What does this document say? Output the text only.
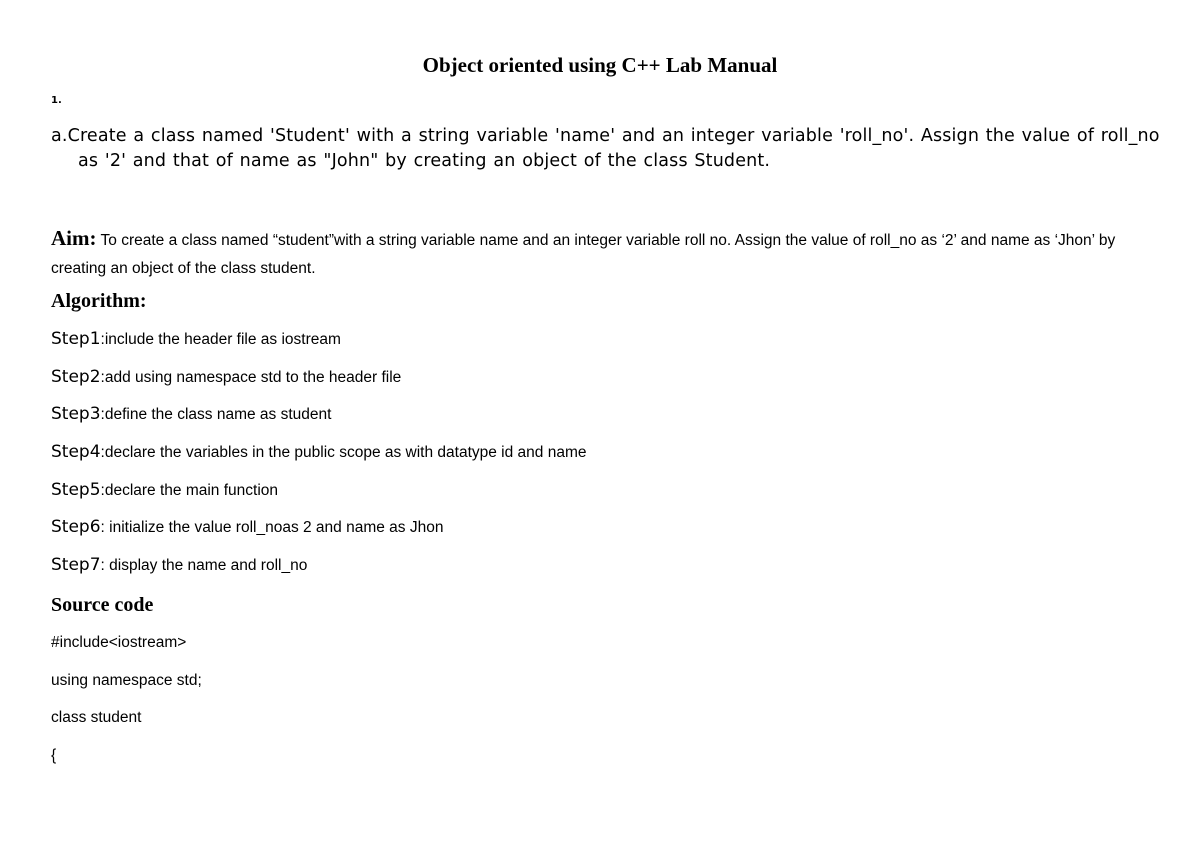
Object oriented using C++ Lab Manual
1.
a.Create a class named 'Student' with a string variable 'name' and an integer variable 'roll_no'. Assign the value of roll_no as '2' and that of name as "John" by creating an object of the class Student.
Aim: To create a class named “student”with a string variable name and an integer variable roll no. Assign the value of roll_no as ‘2’ and name as ‘Jhon’ by creating an object of the class student.
Algorithm:
Step1:include the header file as iostream
Step2:add using namespace std to the header file
Step3:define the class name as student
Step4:declare the variables in the public scope as with datatype id and name
Step5:declare the main function
Step6: initialize the value roll_noas 2 and name as Jhon
Step7: display the name and roll_no
Source code
#include<iostream>
using namespace std;
class student
{
